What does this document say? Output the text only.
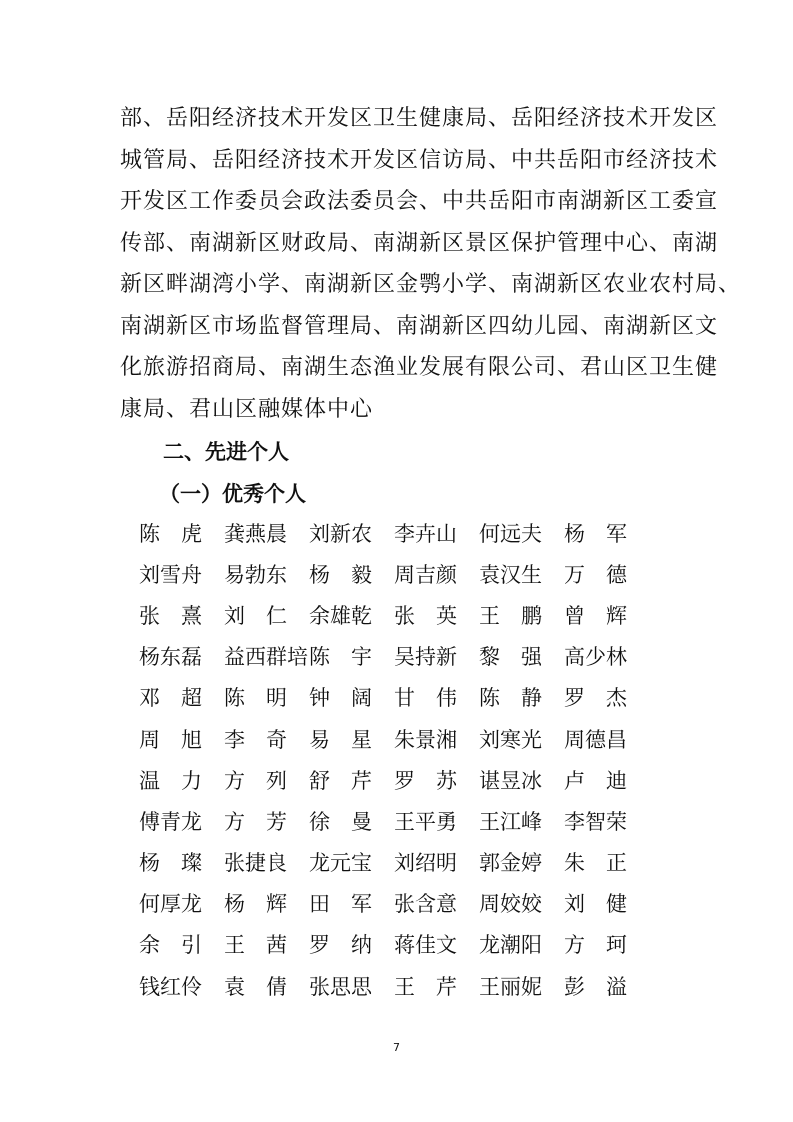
部、岳阳经济技术开发区卫生健康局、岳阳经济技术开发区
城管局、岳阳经济技术开发区信访局、中共岳阳市经济技术
开发区工作委员会政法委员会、中共岳阳市南湖新区工委宣
传部、南湖新区财政局、南湖新区景区保护管理中心、南湖
新区畔湖湾小学、南湖新区金鹗小学、南湖新区农业农村局、
南湖新区市场监督管理局、南湖新区四幼儿园、南湖新区文
化旅游招商局、南湖生态渔业发展有限公司、君山区卫生健
康局、君山区融媒体中心
二、先进个人
（一）优秀个人
陈虎 龚燕晨	刘新农	李卉山	何远夫	杨军
刘雪舟	易勃东	杨毅 周吉颜	袁汉生	万德
张熹 刘仁 余雄乾	张英 王鹏 曾辉
杨东磊	益西群培 陈宇 吴持新	黎强 高少林
邓超 陈明 钟阔 甘伟 陈静 罗杰
周旭 李奇 易星 朱景湘	刘寒光	周德昌
温力 方列 舒芹 罗苏 谌昱冰	卢迪
傅青龙	方芳 徐曼 王平勇	王江峰	李智荣
杨璨 张捷良	龙元宝	刘绍明	郭金婷	朱正
何厚龙	杨辉 田军 张含意	周姣姣	刘健
余引 王茜 罗纳 蒋佳文	龙潮阳	方珂
钱红伶	袁倩 张思思	王芹 王丽妮	彭溢
7
